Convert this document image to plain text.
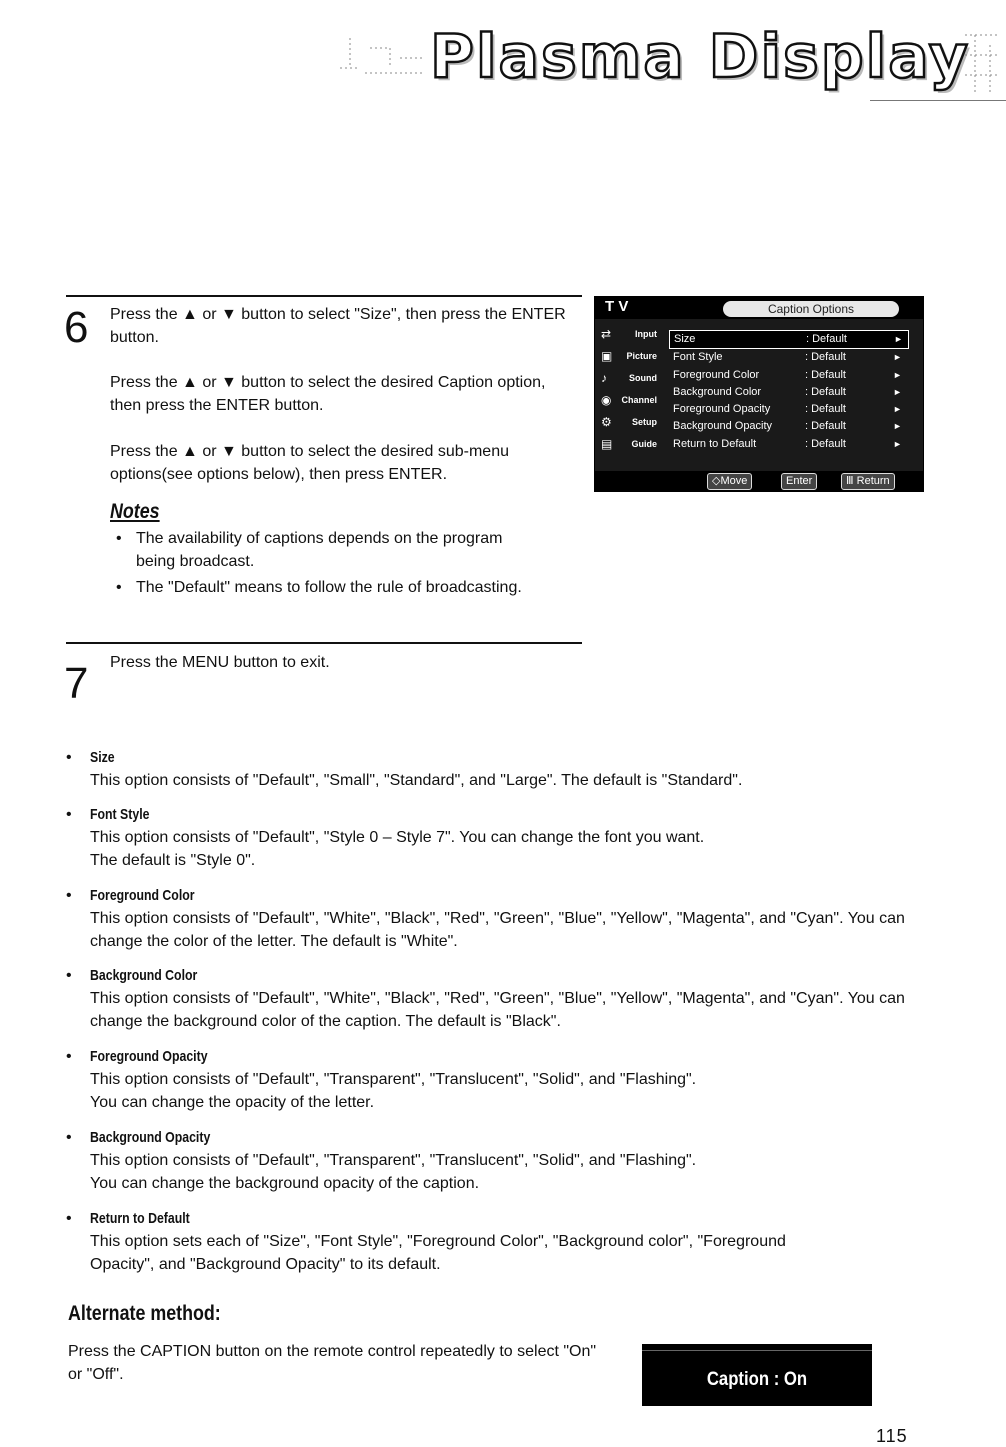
Plasma Display
6 Press the ▲ or ▼ button to select "Size", then press the ENTER button.
Press the ▲ or ▼ button to select the desired Caption option, then press the ENTER button.
Press the ▲ or ▼ button to select the desired sub-menu options(see options below), then press ENTER.
Notes
• The availability of captions depends on the program being broadcast.
• The "Default" means to follow the rule of broadcasting.
7 Press the MENU button to exit.
T V	Caption Options
⇄	Input
▣ Picture
♪ Sound
◉ Channel
⚙ Setup
▤ Guide
Size	: Default	►
Font Style	: Default	►
Foreground Color	: Default	►
Background Color	: Default	►
Foreground Opacity	: Default	►
Background Opacity	: Default	►
Return to Default	: Default	►
◇Move	Enter	Ⅲ Return
• Size
This option consists of "Default", "Small", "Standard", and "Large". The default is "Standard".
• Font Style
This option consists of "Default", "Style 0 – Style 7". You can change the font you want.
The default is "Style 0".
• Foreground Color
This option consists of "Default", "White", "Black", "Red", "Green", "Blue", "Yellow", "Magenta", and "Cyan". You can change the color of the letter. The default is "White".
• Background Color
This option consists of "Default", "White", "Black", "Red", "Green", "Blue", "Yellow", "Magenta", and "Cyan". You can change the background color of the caption. The default is "Black".
• Foreground Opacity
This option consists of "Default", "Transparent", "Translucent", "Solid", and "Flashing".
You can change the opacity of the letter.
• Background Opacity
This option consists of "Default", "Transparent", "Translucent", "Solid", and "Flashing".
You can change the background opacity of the caption.
• Return to Default
This option sets each of "Size", "Font Style", "Foreground Color", "Background color", "Foreground Opacity", and "Background Opacity" to its default.
Alternate method:
Press the CAPTION button on the remote control repeatedly to select "On" or "Off".	Caption : On
115
